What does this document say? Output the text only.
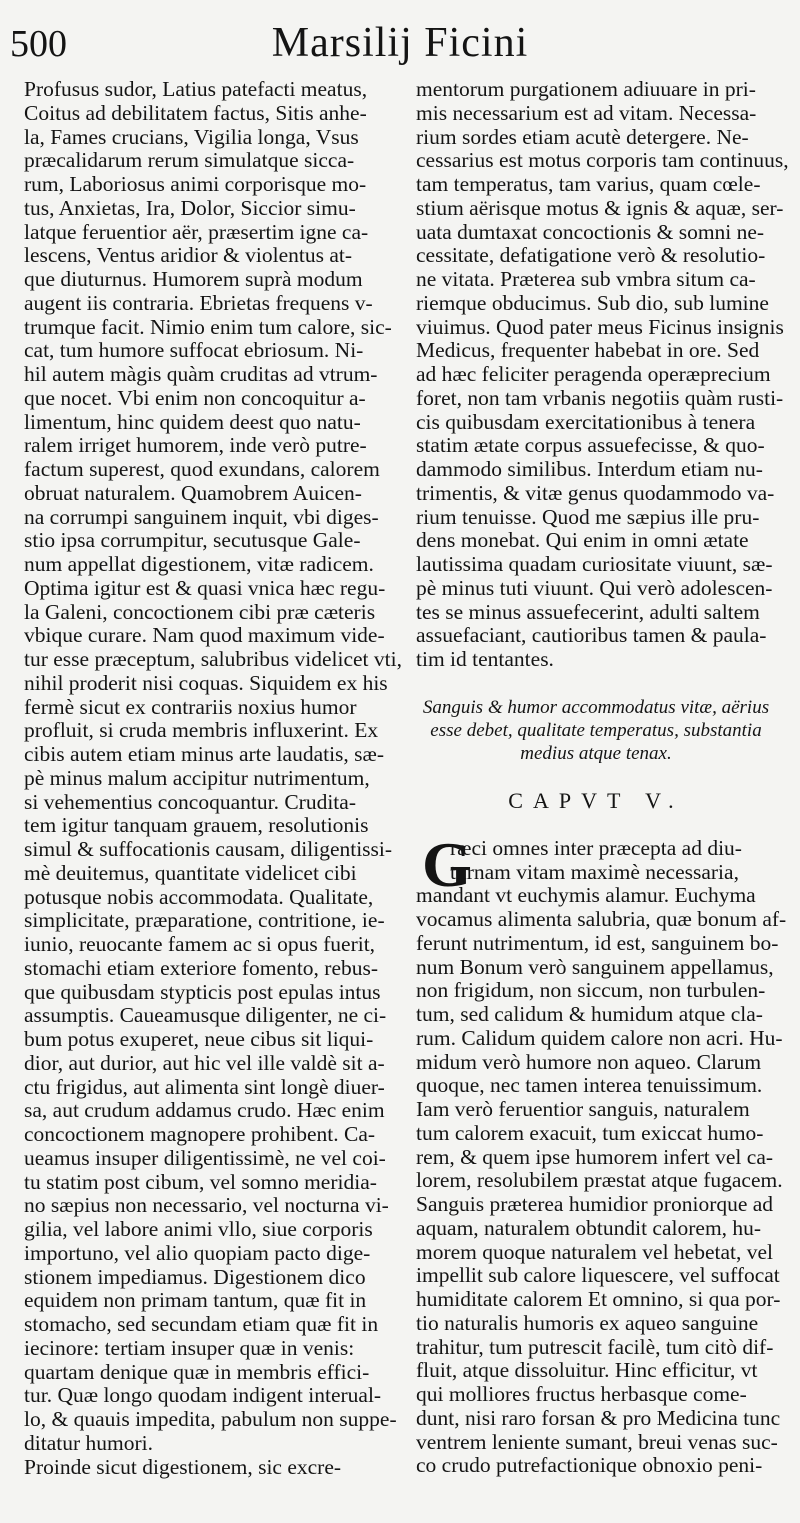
500	Marsilij Ficini
Profusus sudor, Latius patefacti meatus,
Coitus ad debilitatem factus, Sitis anhe-
la, Fames crucians, Vigilia longa, Vsus
præcalidarum rerum simulatque sicca-
rum, Laboriosus animi corporisque mo-
tus, Anxietas, Ira, Dolor, Siccior simu-
latque feruentior aër, præsertim igne ca-
lescens, Ventus aridior & violentus at-
que diuturnus. Humorem suprà modum
augent iis contraria. Ebrietas frequens v-
trumque facit. Nimio enim tum calore, sic-
cat, tum humore suffocat ebriosum. Ni-
hil autem màgis quàm cruditas ad vtrum-
que nocet. Vbi enim non concoquitur a-
limentum, hinc quidem deest quo natu-
ralem irriget humorem, inde verò putre-
factum superest, quod exundans, calorem
obruat naturalem. Quamobrem Auicen-
na corrumpi sanguinem inquit, vbi diges-
stio ipsa corrumpitur, secutusque Gale-
num appellat digestionem, vitæ radicem.
Optima igitur est & quasi vnica hæc regu-
la Galeni, concoctionem cibi præ cæteris
vbique curare. Nam quod maximum vide-
tur esse præceptum, salubribus videlicet vti,
nihil proderit nisi coquas. Siquidem ex his
fermè sicut ex contrariis noxius humor
profluit, si cruda membris influxerint. Ex
cibis autem etiam minus arte laudatis, sæ-
pè minus malum accipitur nutrimentum,
si vehementius concoquantur. Crudita-
tem igitur tanquam grauem, resolutionis
simul & suffocationis causam, diligentissi-
mè deuitemus, quantitate videlicet cibi
potusque nobis accommodata. Qualitate,
simplicitate, præparatione, contritione, ie-
iunio, reuocante famem ac si opus fuerit,
stomachi etiam exteriore fomento, rebus-
que quibusdam stypticis post epulas intus
assumptis. Caueamusque diligenter, ne ci-
bum potus exuperet, neue cibus sit liqui-
dior, aut durior, aut hic vel ille valdè sit a-
ctu frigidus, aut alimenta sint longè diuer-
sa, aut crudum addamus crudo. Hæc enim
concoctionem magnopere prohibent. Ca-
ueamus insuper diligentissimè, ne vel coi-
tu statim post cibum, vel somno meridia-
no sæpius non necessario, vel nocturna vi-
gilia, vel labore animi vllo, siue corporis
importuno, vel alio quopiam pacto dige-
stionem impediamus. Digestionem dico
equidem non primam tantum, quæ fit in
stomacho, sed secundam etiam quæ fit in
iecinore: tertiam insuper quæ in venis:
quartam denique quæ in membris effici-
tur. Quæ longo quodam indigent interual-
lo, & quauis impedita, pabulum non suppe-
ditatur humori.
Proinde sicut digestionem, sic excre-
mentorum purgationem adiuuare in pri-
mis necessarium est ad vitam. Necessa-
rium sordes etiam acutè detergere. Ne-
cessarius est motus corporis tam continuus,
tam temperatus, tam varius, quam cœle-
stium aërisque motus & ignis & aquæ, ser-
uata dumtaxat concoctionis & somni ne-
cessitate, defatigatione verò & resolutio-
ne vitata. Præterea sub vmbra situm ca-
riemque obducimus. Sub dio, sub lumine
viuimus. Quod pater meus Ficinus insignis
Medicus, frequenter habebat in ore. Sed
ad hæc feliciter peragenda operæprecium
foret, non tam vrbanis negotiis quàm rusti-
cis quibusdam exercitationibus à tenera
statim ætate corpus assuefecisse, & quo-
dammodo similibus. Interdum etiam nu-
trimentis, & vitæ genus quodammodo va-
rium tenuisse. Quod me sæpius ille pru-
dens monebat. Qui enim in omni ætate
lautissima quadam curiositate viuunt, sæ-
pè minus tuti viuunt. Qui verò adolescen-
tes se minus assuefecerint, adulti saltem
assuefaciant, cautioribus tamen & paula-
tim id tentantes.
Sanguis & humor accommodatus vitæ, aërius
esse debet, qualitate temperatus, substantia
medius atque tenax.
CAPVT V.
G
ræci omnes inter præcepta ad diu-
turnam vitam maximè necessaria,
mandant vt euchymis alamur. Euchyma
vocamus alimenta salubria, quæ bonum af-
ferunt nutrimentum, id est, sanguinem bo-
num Bonum verò sanguinem appellamus,
non frigidum, non siccum, non turbulen-
tum, sed calidum & humidum atque cla-
rum. Calidum quidem calore non acri. Hu-
midum verò humore non aqueo. Clarum
quoque, nec tamen interea tenuissimum.
Iam verò feruentior sanguis, naturalem
tum calorem exacuit, tum exiccat humo-
rem, & quem ipse humorem infert vel ca-
lorem, resolubilem præstat atque fugacem.
Sanguis præterea humidior proniorque ad
aquam, naturalem obtundit calorem, hu-
morem quoque naturalem vel hebetat, vel
impellit sub calore liquescere, vel suffocat
humiditate calorem Et omnino, si qua por-
tio naturalis humoris ex aqueo sanguine
trahitur, tum putrescit facilè, tum citò dif-
fluit, atque dissoluitur. Hinc efficitur, vt
qui molliores fructus herbasque come-
dunt, nisi raro forsan & pro Medicina tunc
ventrem leniente sumant, breui venas suc-
co crudo putrefactionique obnoxio peni-
